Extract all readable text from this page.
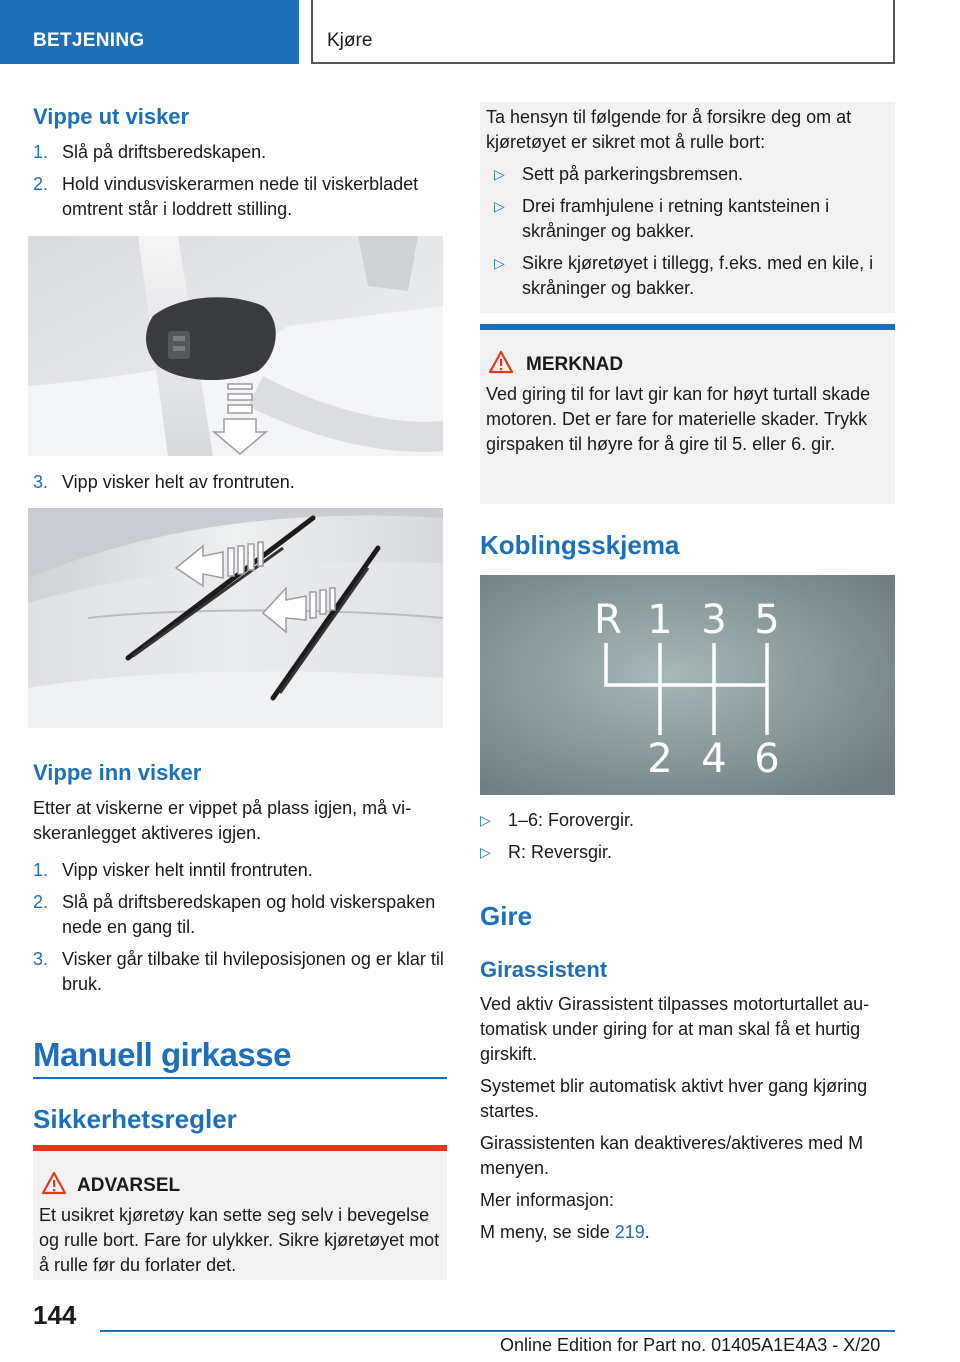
BETJENING	Kjøre
Vippe ut visker
1. Slå på driftsberedskapen.
2. Hold vindusviskerarmen nede til viskerbladet omtrent står i loddrett stilling.
3. Vipp visker helt av frontruten.
Vippe inn visker
Etter at viskerne er vippet på plass igjen, må viskeranlegget aktiveres igjen.
1. Vipp visker helt inntil frontruten.
2. Slå på driftsberedskapen og hold viskerspaken nede en gang til.
3. Visker går tilbake til hvileposisjonen og er klar til bruk.
Manuell girkasse
Sikkerhetsregler
ADVARSEL
Et usikret kjøretøy kan sette seg selv i bevegelse og rulle bort. Fare for ulykker. Sikre kjøretøyet mot å rulle før du forlater det.
Ta hensyn til følgende for å forsikre deg om at kjøretøyet er sikret mot å rulle bort:
▷ Sett på parkeringsbremsen.
▷ Drei framhjulene i retning kantsteinen i skråninger og bakker.
▷ Sikre kjøretøyet i tillegg, f.eks. med en kile, i skråninger og bakker.
MERKNAD
Ved giring til for lavt gir kan for høyt turtall skade motoren. Det er fare for materielle skader. Trykk girspaken til høyre for å gire til 5. eller 6. gir.
Koblingsskjema
R 1 3 5
2 4 6
▷ 1–6: Forovergir.
▷ R: Reversgir.
Gire
Girassistent
Ved aktiv Girassistent tilpasses motorturtallet automatisk under giring for at man skal få et hurtig girskift.
Systemet blir automatisk aktivt hver gang kjøring startes.
Girassistenten kan deaktiveres/aktiveres med M menyen.
Mer informasjon:
M meny, se side 219.
144
Online Edition for Part no. 01405A1E4A3 - X/20
